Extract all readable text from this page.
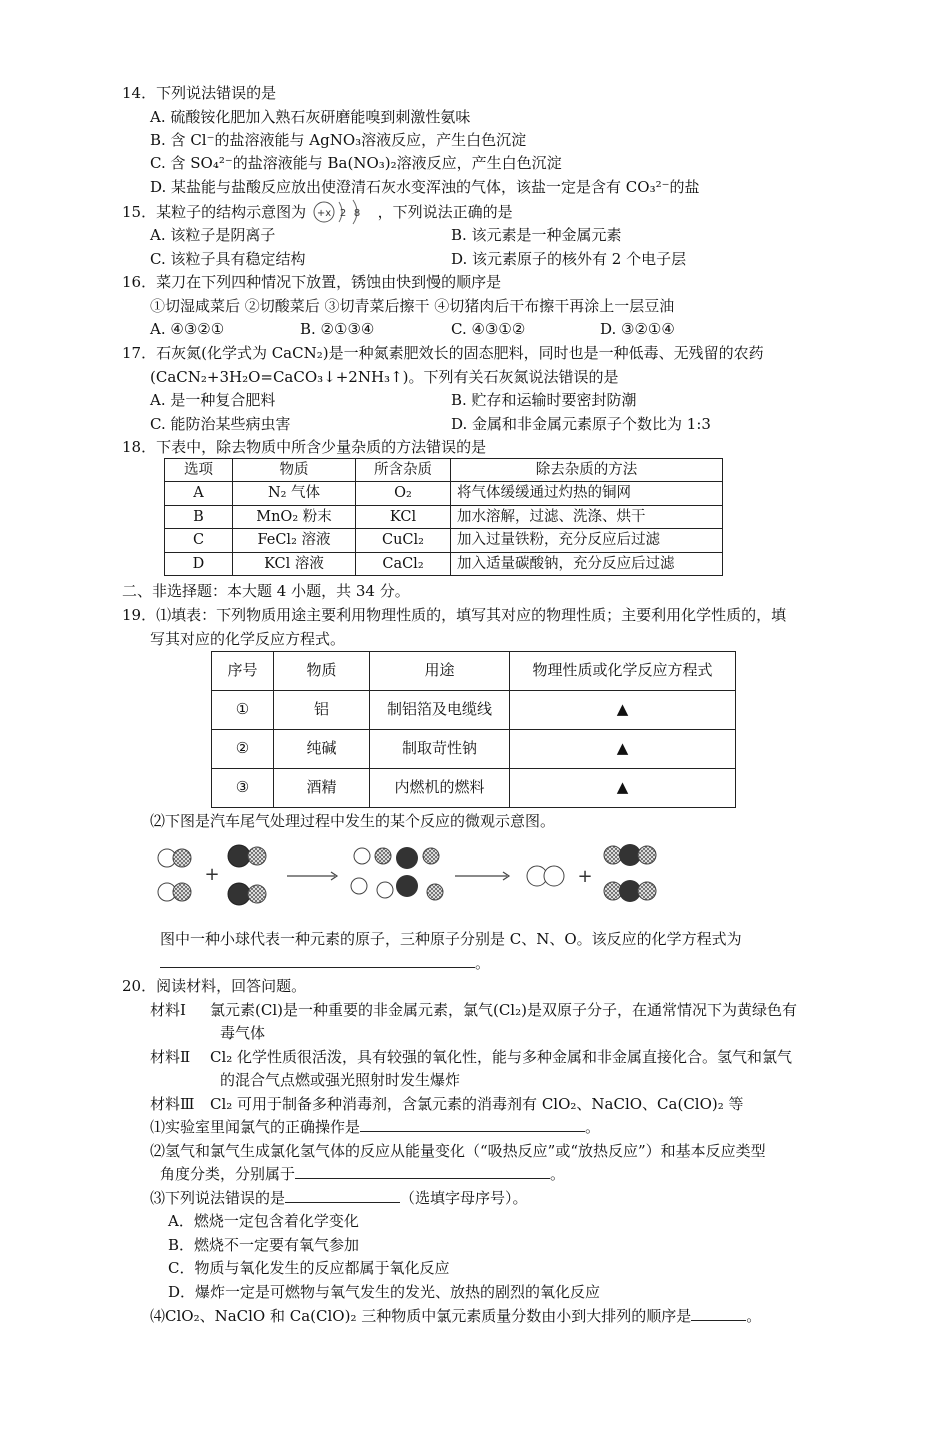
14．下列说法错误的是
A. 硫酸铵化肥加入熟石灰研磨能嗅到刺激性氨味
B. 含 Cl⁻的盐溶液能与 AgNO₃溶液反应，产生白色沉淀
C. 含 SO₄²⁻的盐溶液能与 Ba(NO₃)₂溶液反应，产生白色沉淀
D. 某盐能与盐酸反应放出使澄清石灰水变浑浊的气体，该盐一定是含有 CO₃²⁻的盐
15．某粒子的结构示意图为 +x 2 8 ，下列说法正确的是
A. 该粒子是阴离子	B. 该元素是一种金属元素
C. 该粒子具有稳定结构	D. 该元素原子的核外有 2 个电子层
16．菜刀在下列四种情况下放置，锈蚀由快到慢的顺序是
①切湿咸菜后 ②切酸菜后 ③切青菜后擦干 ④切猪肉后干布擦干再涂上一层豆油
A. ④③②①	B. ②①③④	C. ④③①②	D. ③②①④
17．石灰氮(化学式为 CaCN₂)是一种氮素肥效长的固态肥料，同时也是一种低毒、无残留的农药
(CaCN₂+3H₂O=CaCO₃↓+2NH₃↑)。下列有关石灰氮说法错误的是
A. 是一种复合肥料	B. 贮存和运输时要密封防潮
C. 能防治某些病虫害	D. 金属和非金属元素原子个数比为 1:3
18．下表中，除去物质中所含少量杂质的方法错误的是
选项	物质	所含杂质	除去杂质的方法
A	N₂ 气体	O₂	将气体缓缓通过灼热的铜网
B	MnO₂ 粉末	KCl	加水溶解，过滤、洗涤、烘干
C	FeCl₂ 溶液	CuCl₂	加入过量铁粉，充分反应后过滤
D	KCl 溶液	CaCl₂	加入适量碳酸钠，充分反应后过滤
二、非选择题：本大题 4 小题，共 34 分。
19．⑴填表：下列物质用途主要利用物理性质的，填写其对应的物理性质；主要利用化学性质的，填
写其对应的化学反应方程式。
序号	物质	用途	物理性质或化学反应方程式
①	铝	制铝箔及电缆线	▲
②	纯碱	制取苛性钠	▲
③	酒精	内燃机的燃料	▲
⑵下图是汽车尾气处理过程中发生的某个反应的微观示意图。
+	+
图中一种小球代表一种元素的原子，三种原子分别是 C、N、O。该反应的化学方程式为
。
20．阅读材料，回答问题。
材料Ⅰ 氯元素(Cl)是一种重要的非金属元素，氯气(Cl₂)是双原子分子，在通常情况下为黄绿色有
毒气体
材料Ⅱ Cl₂ 化学性质很活泼，具有较强的氧化性，能与多种金属和非金属直接化合。氢气和氯气
的混合气点燃或强光照射时发生爆炸
材料Ⅲ Cl₂ 可用于制备多种消毒剂，含氯元素的消毒剂有 ClO₂、NaClO、Ca(ClO)₂ 等
⑴实验室里闻氯气的正确操作是	。
⑵氢气和氯气生成氯化氢气体的反应从能量变化（“吸热反应”或“放热反应”）和基本反应类型
角度分类，分别属于	。
⑶下列说法错误的是	（选填字母序号）。
A．燃烧一定包含着化学变化
B．燃烧不一定要有氧气参加
C．物质与氧化发生的反应都属于氧化反应
D．爆炸一定是可燃物与氧气发生的发光、放热的剧烈的氧化反应
⑷ClO₂、NaClO 和 Ca(ClO)₂ 三种物质中氯元素质量分数由小到大排列的顺序是	。
